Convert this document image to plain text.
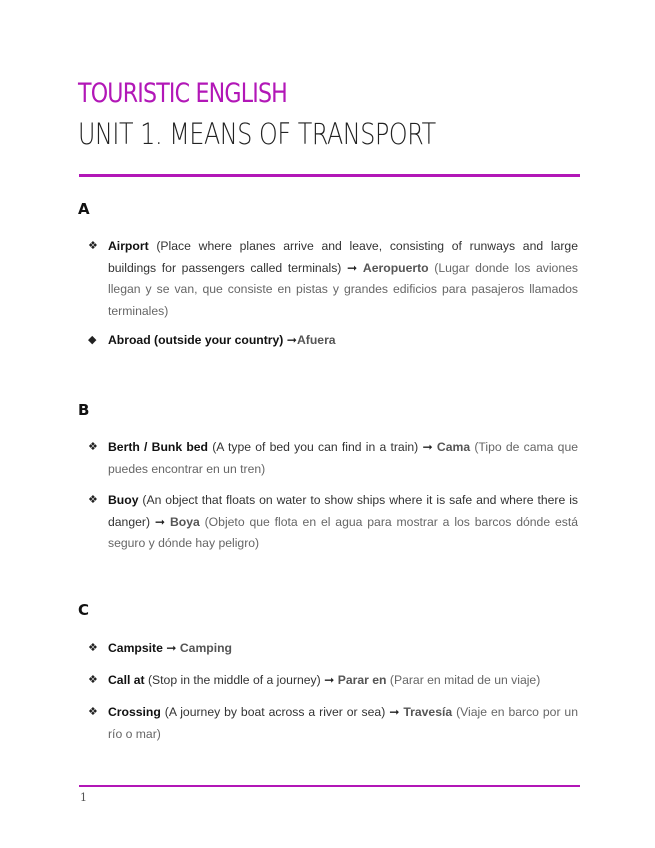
TOURISTIC ENGLISH
UNIT 1. MEANS OF TRANSPORT
A
❖ Airport (Place where planes arrive and leave, consisting of runways and large buildings for passengers called terminals) ➞ Aeropuerto (Lugar donde los aviones llegan y se van, que consiste en pistas y grandes edificios para pasajeros llamados terminales)
◆ Abroad (outside your country) ➞Afuera
B
❖ Berth / Bunk bed (A type of bed you can find in a train) ➞ Cama (Tipo de cama que puedes encontrar en un tren)
❖ Buoy (An object that floats on water to show ships where it is safe and where there is danger) ➞ Boya (Objeto que flota en el agua para mostrar a los barcos dónde está seguro y dónde hay peligro)
C
❖ Campsite ➞ Camping
❖ Call at (Stop in the middle of a journey) ➞ Parar en (Parar en mitad de un viaje)
❖ Crossing (A journey by boat across a river or sea) ➞ Travesía (Viaje en barco por un río o mar)
1
